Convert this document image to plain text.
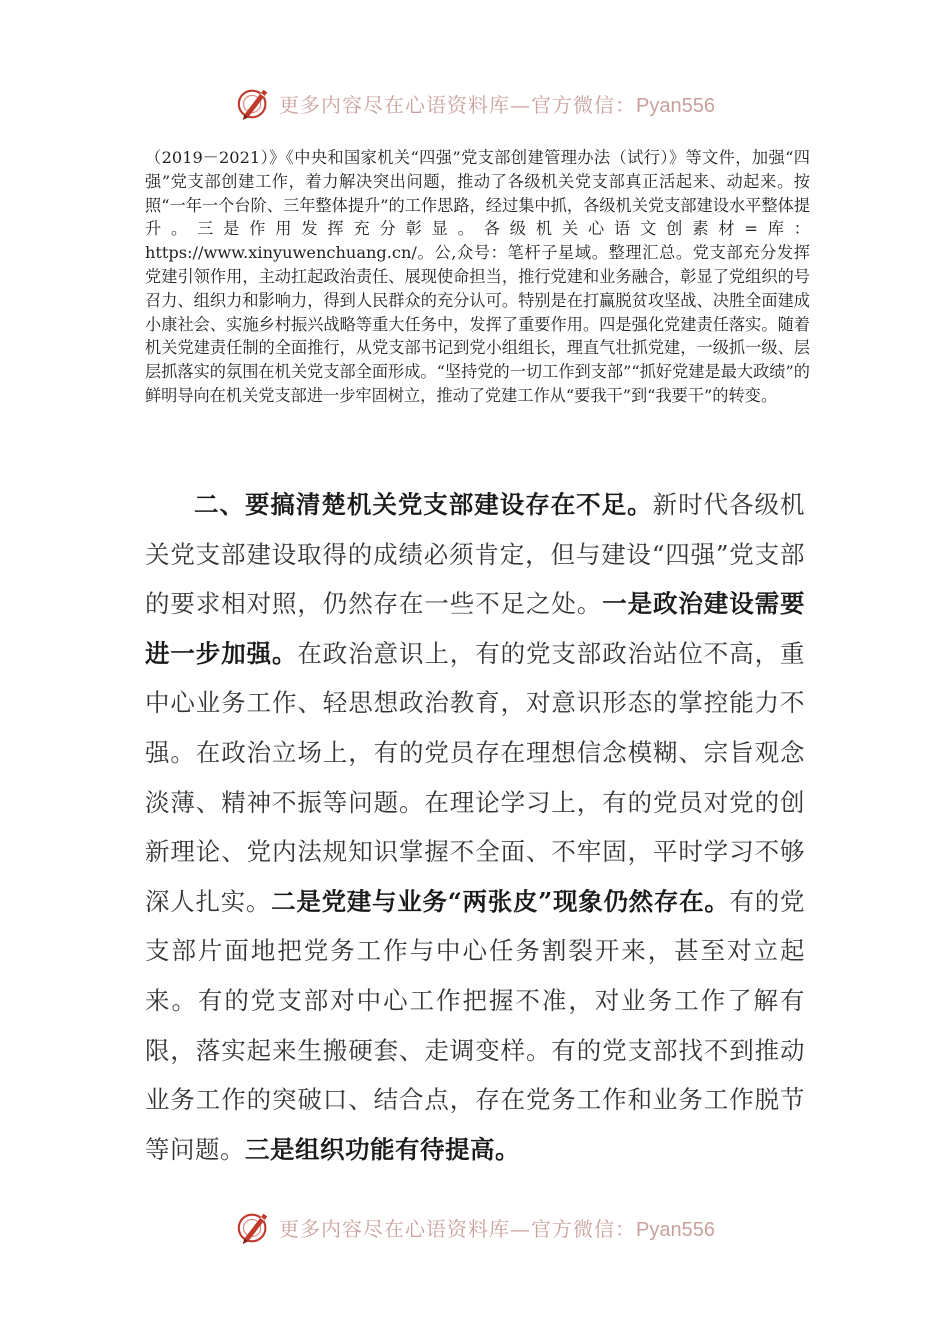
更多内容尽在心语资料库—官方微信：Pyan556

（2019－2021）》《中央和国家机关“四强”党支部创建管理办法（试行）》等文件，加强“四强”党支部创建工作，着力解决突出问题，推动了各级机关党支部真正活起来、动起来。按照“一年一个台阶、三年整体提升”的工作思路，经过集中抓，各级机关党支部建设水平整体提升。三是作用发挥充分彰显。各级机关心语文创素材=库：https://www.xinyuwenchuang.cn/。公,众号：笔杆子星域。整理汇总。党支部充分发挥党建引领作用，主动扛起政治责任、展现使命担当，推行党建和业务融合，彰显了党组织的号召力、组织力和影响力，得到人民群众的充分认可。特别是在打赢脱贫攻坚战、决胜全面建成小康社会、实施乡村振兴战略等重大任务中，发挥了重要作用。四是强化党建责任落实。随着机关党建责任制的全面推行，从党支部书记到党小组组长，理直气壮抓党建，一级抓一级、层层抓落实的氛围在机关党支部全面形成。“坚持党的一切工作到支部”“抓好党建是最大政绩”的鲜明导向在机关党支部进一步牢固树立，推动了党建工作从“要我干”到“我要干”的转变。

二、要搞清楚机关党支部建设存在不足。新时代各级机关党支部建设取得的成绩必须肯定，但与建设“四强”党支部的要求相对照，仍然存在一些不足之处。一是政治建设需要进一步加强。在政治意识上，有的党支部政治站位不高，重中心业务工作、轻思想政治教育，对意识形态的掌控能力不强。在政治立场上，有的党员存在理想信念模糊、宗旨观念淡薄、精神不振等问题。在理论学习上，有的党员对党的创新理论、党内法规知识掌握不全面、不牢固，平时学习不够深人扎实。二是党建与业务“两张皮”现象仍然存在。有的党支部片面地把党务工作与中心任务割裂开来，甚至对立起来。有的党支部对中心工作把握不准，对业务工作了解有限，落实起来生搬硬套、走调变样。有的党支部找不到推动业务工作的突破口、结合点，存在党务工作和业务工作脱节等问题。三是组织功能有待提高。

更多内容尽在心语资料库—官方微信：Pyan556
